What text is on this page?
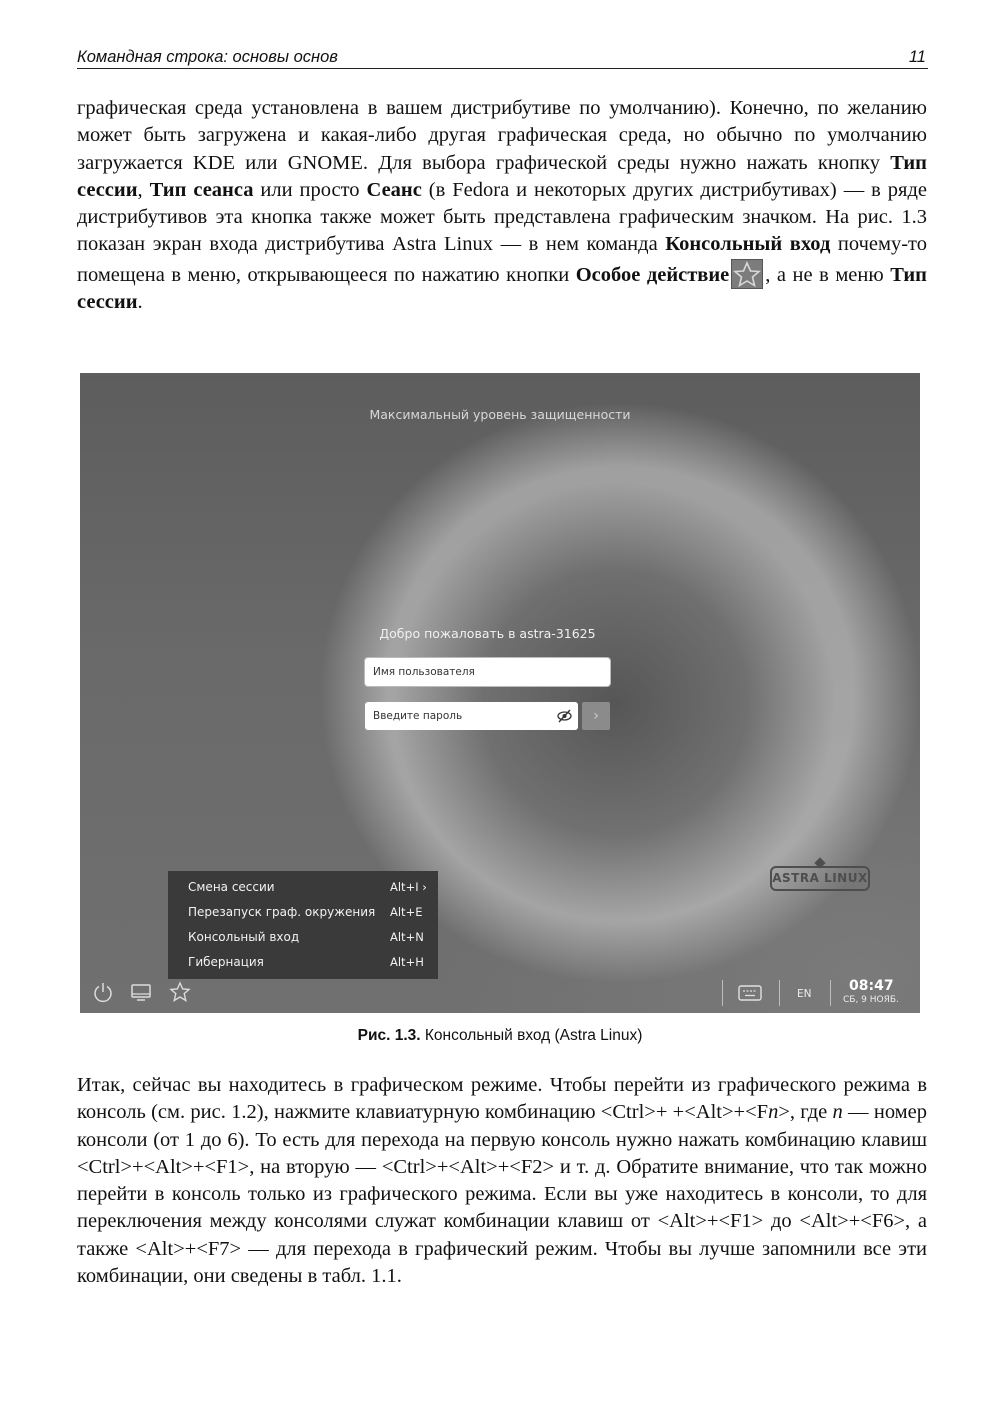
Командная строка: основы основ	11

графическая среда установлена в вашем дистрибутиве по умолчанию). Конечно, по желанию может быть загружена и какая-либо другая графическая среда, но обычно по умолчанию загружается KDE или GNOME. Для выбора графической среды нужно нажать кнопку Тип сессии, Тип сеанса или просто Сеанс (в Fedora и некоторых других дистрибутивах) — в ряде дистрибутивов эта кнопка также может быть представлена графическим значком. На рис. 1.3 показан экран входа дистрибутива Astra Linux — в нем команда Консольный вход почему-то помещена в меню, открывающееся по нажатию кнопки Особое действие , а не в меню Тип сессии.

Максимальный уровень защищенности
Добро пожаловать в astra-31625
Имя пользователя
Введите пароль	›
ASTRA LINUX
Смена сессии	Alt+I ›
Перезапуск граф. окружения Alt+E
Консольный вход	Alt+N
Гибернация	Alt+H
EN	08:47
СБ, 9 НОЯБ.
Рис. 1.3. Консольный вход (Astra Linux)

Итак, сейчас вы находитесь в графическом режиме. Чтобы перейти из графического режима в консоль (см. рис. 1.2), нажмите клавиатурную комбинацию <Ctrl>+ +<Alt>+<Fn>, где n — номер консоли (от 1 до 6). То есть для перехода на первую консоль нужно нажать комбинацию клавиш <Ctrl>+<Alt>+<F1>, на вторую — <Ctrl>+<Alt>+<F2> и т. д. Обратите внимание, что так можно перейти в консоль только из графического режима. Если вы уже находитесь в консоли, то для переключения между консолями служат комбинации клавиш от <Alt>+<F1> до <Alt>+<F6>, а также <Alt>+<F7> — для перехода в графический режим. Чтобы вы лучше запомнили все эти комбинации, они сведены в табл. 1.1.
